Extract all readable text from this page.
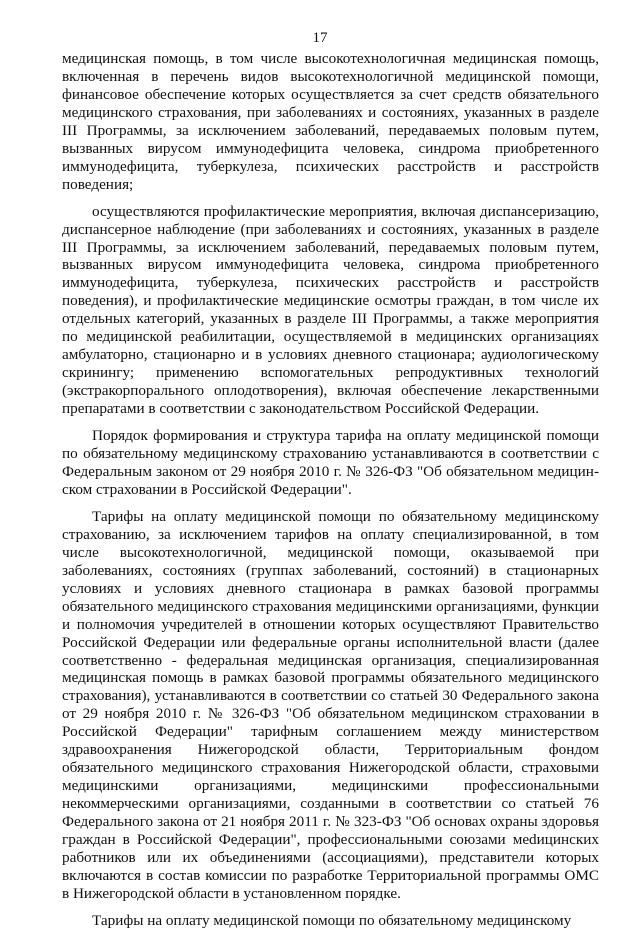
17

медицинская помощь, в том числе высокотехнологичная медицинская помощь, включенная в перечень видов высокотехнологичной медицинской помощи, финансовое обеспечение которых осуществляется за счет средств обязательного медицинского страхования, при заболеваниях и состояниях, указанных в разделе III Программы, за исключением заболеваний, передаваемых половым путем, вызванных вирусом иммунодефицита человека, синдрома приобретенного иммунодефицита, туберкулеза, психических расстройств и расстройств поведения;

осуществляются профилактические мероприятия, включая диспансеризацию, диспансерное наблюдение (при заболеваниях и состояниях, указанных в разделе III Программы, за исключением заболеваний, передаваемых половым путем, вызванных вирусом иммунодефицита человека, синдрома приобретенного иммунодефицита, туберкулеза, психических расстройств и расстройств поведения), и профилактические медицинские осмотры граждан, в том числе их отдельных категорий, указанных в разделе III Программы, а также мероприятия по медицинской реабилитации, осуществляемой в медицинских организациях амбулаторно, стационарно и в условиях дневного стационара; аудиологическому скринингу; применению вспомогательных репродуктивных технологий (экстракорпорального оплодотворения), включая обеспечение лекарственными препаратами в соответствии с законодательством Российской Федерации.

Порядок формирования и структура тарифа на оплату медицинской помощи по обязательному медицинскому страхованию устанавливаются в соответствии с Федеральным законом от 29 ноября 2010 г. № 326-ФЗ "Об обязательном медицинском страховании в Российской Федерации".

Тарифы на оплату медицинской помощи по обязательному медицинскому страхованию, за исключением тарифов на оплату специализированной, в том числе высокотехнологичной, медицинской помощи, оказываемой при заболеваниях, состояниях (группах заболеваний, состояний) в стационарных условиях и условиях дневного стационара в рамках базовой программы обязательного медицинского страхования медицинскими организациями, функции и полномочия учредителей в отношении которых осуществляют Правительство Российской Федерации или федеральные органы исполнительной власти (далее соответственно - федеральная медицинская организация, специализированная медицинская помощь в рамках базовой программы обязательного медицинского страхования), устанавливаются в соответствии со статьей 30 Федерального закона от 29 ноября 2010 г. № 326-ФЗ "Об обязательном медицинском страховании в Российской Федерации" тарифным соглашением между министерством здравоохранения Нижегородской области, Территориальным фондом обязательного медицинского страхования Нижегородской области, страховыми медицинскими организациями, медицинскими профессиональными некоммерческими организациями, созданными в соответствии со статьей 76 Федерального закона от 21 ноября 2011 г. № 323-ФЗ "Об основах охраны здоровья граждан в Российской Федерации", профессиональными союзами меdицинских работников или их объединениями (ассоциациями), представители которых включаются в состав комиссии по разработке Территориальной программы ОМС в Нижегородской области в установленном порядке.

Тарифы на оплату медицинской помощи по обязательному медицинскому
